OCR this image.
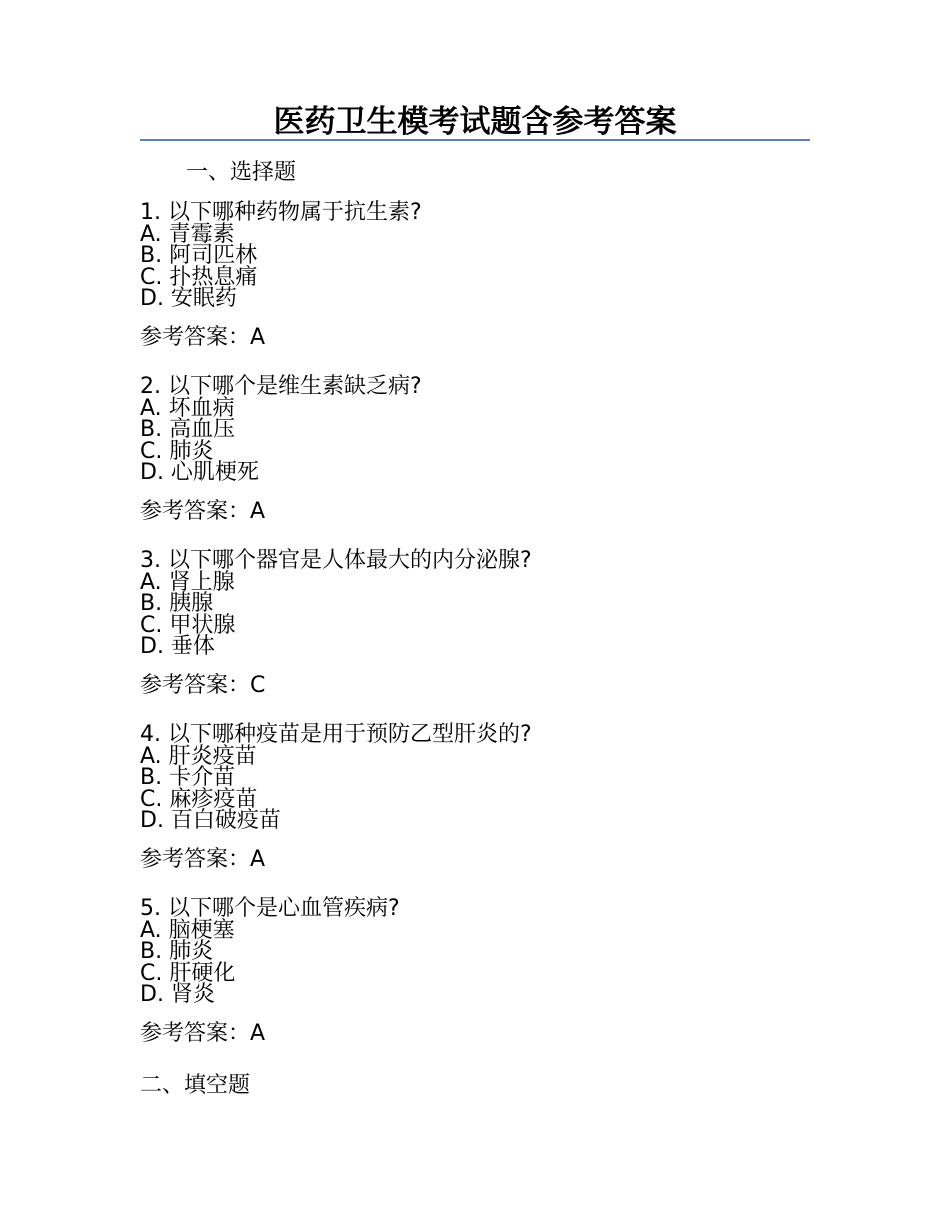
医药卫生模考试题含参考答案
一、选择题
1. 以下哪种药物属于抗生素?
A. 青霉素
B. 阿司匹林
C. 扑热息痛
D. 安眠药
参考答案：A
2. 以下哪个是维生素缺乏病?
A. 坏血病
B. 高血压
C. 肺炎
D. 心肌梗死
参考答案：A
3. 以下哪个器官是人体最大的内分泌腺?
A. 肾上腺
B. 胰腺
C. 甲状腺
D. 垂体
参考答案：C
4. 以下哪种疫苗是用于预防乙型肝炎的?
A. 肝炎疫苗
B. 卡介苗
C. 麻疹疫苗
D. 百白破疫苗
参考答案：A
5. 以下哪个是心血管疾病?
A. 脑梗塞
B. 肺炎
C. 肝硬化
D. 肾炎
参考答案：A
二、填空题
